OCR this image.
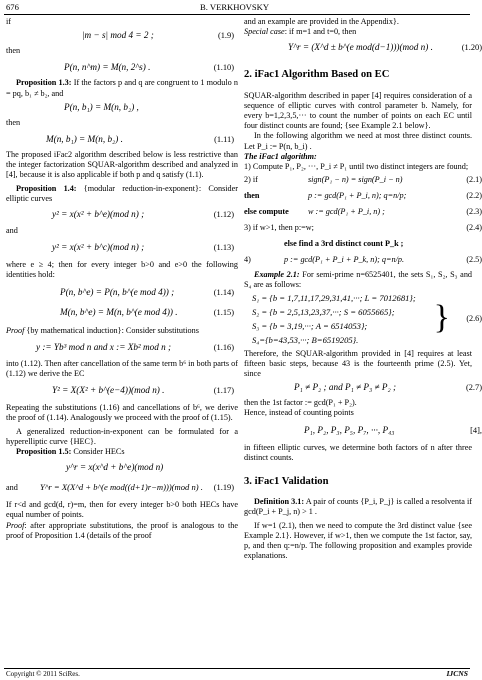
676	B. VERKHOVSKY

if

|m − s| mod 4 = 2 ;	(1.9)

then

P(n, n^m) = M(n, 2^s) .	(1.10)

Proposition 1.3: If the factors p and q are congruent to 1 modulo n = pq, b₁ ≠ b₂, and

P(n, b₁) = M(n, b₂) ,

then

M(n, b₁) = M(n, b₂) .	(1.11)

The proposed iFac2 algorithm described below is less restrictive than the integer factorization SQUAR-algorithm described and analyzed in [4], because it is also applicable if both p and q satisfy (1.1).

Proposition 1.4: {modular reduction-in-exponent}: Consider elliptic curves

y² = x(x² + b^e)(mod n) ;	(1.12)

and

y² = x(x² + b^c)(mod n) ;	(1.13)

where e ≥ 4; then for every integer b>0 and e>0 the following identities hold:

P(n, b^e) = P(n, b^(e mod 4)) ;	(1.14)
M(n, b^e) = M(n, b^(e mod 4)) .	(1.15)

Proof {by mathematical induction}: Consider substitutions

y := Yb³ mod n and x := Xb² mod n ;	(1.16)

into (1.12). Then after cancellation of the same term b⁶ in both parts of (1.12) we derive the EC

Y² = X(X² + b^(e−4))(mod n) .	(1.17)

Repeating the substitutions (1.16) and cancellations of b⁶, we derive the proof of (1.14). Analogously we proceed with the proof of (1.15).

A generalized reduction-in-exponent can be formulated for a hyperelliptic curve {HEC}.

Proposition 1.5: Consider HECs

y^r = x(x^d + b^e)(mod n)
and	Y^r = X(X^d + b^(e mod((d+1)r−m)))(mod n) . (1.19)

If r<d and gcd(d, r)=m, then for every integer b>0 both HECs have equal number of points.

Proof: after appropriate substitutions, the proof is analogous to the proof of Proposition 1.4 (details of the proof

and an example are provided in the Appendix}.

Special case: if m=1 and t=0, then

Y^r = (X^d ± b^(e mod(d−1)))(mod n) .	(1.20)
2. iFac1 Algorithm Based on EC

SQUAR-algorithm described in paper [4] requires consideration of a sequence of elliptic curves with control parameter b. Namely, for every b=1,2,3,5,··· to count the number of points on each EC until four distinct counts are found; {see Example 2.1 below}.

In the following algorithm we need at most three distinct counts. Let P_i := P(n, b_i) .

The iFac1 algorithm:

1) Compute P₁, P₂, ···, P_i ≠ P₁ until two distinct integers are found;

2) if	sign(P₁ − n) = sign(P_i − n)	(2.1)
then	p := gcd(P₁ + P_i, n); q=n/p;	(2.2)
else compute w := gcd(P₁ + P_i, n) ;	(2.3)
3) if w>1, then p:=w;	(2.4)
else find a 3rd distinct count P_k ;
4)	p := gcd(P₁ + P_i + P_k, n); q=n/p.	(2.5)

Example 2.1: For semi-prime n=6525401, the sets S₁, S₂, S₃ and S₄ are as follows:

S₁ = {b = 1,7,11,17,29,31,41,···; L = 7012681};
S₂ = {b = 2,5,13,23,37,···; S = 6055665};
S₃ = {b = 3,19,···; A = 6514053};
S₄={b=43,53,···; B=6519205}.
} (2.6)

Therefore, the SQUAR-algorithm provided in [4] requires at least fifteen basic steps, because 43 is the fourteenth prime (2.5). Yet, since

P₁ ≠ P₂ ; and P₁ ≠ P₃ ≠ P₂ ;	(2.7)

then the 1st factor := gcd(P₁ + P₂).

Hence, instead of counting points

P₁, P₂, P₃, P₅, P₇, ···, P₄₃	[4],

in fifteen elliptic curves, we determine both factors of n after three distinct counts.

3. iFac1 Validation

Definition 3.1: A pair of counts {P_i, P_j} is called a resolventa if gcd(P_i + P_j, n) > 1 .

If w=1 (2.1), then we need to compute the 3rd distinct value {see Example 2.1}. However, if w>1, then we compute the 1st factor, say, p, and then q:=n/p. The following proposition and examples provide explanations.

Copyright © 2011 SciRes.	IJCNS
